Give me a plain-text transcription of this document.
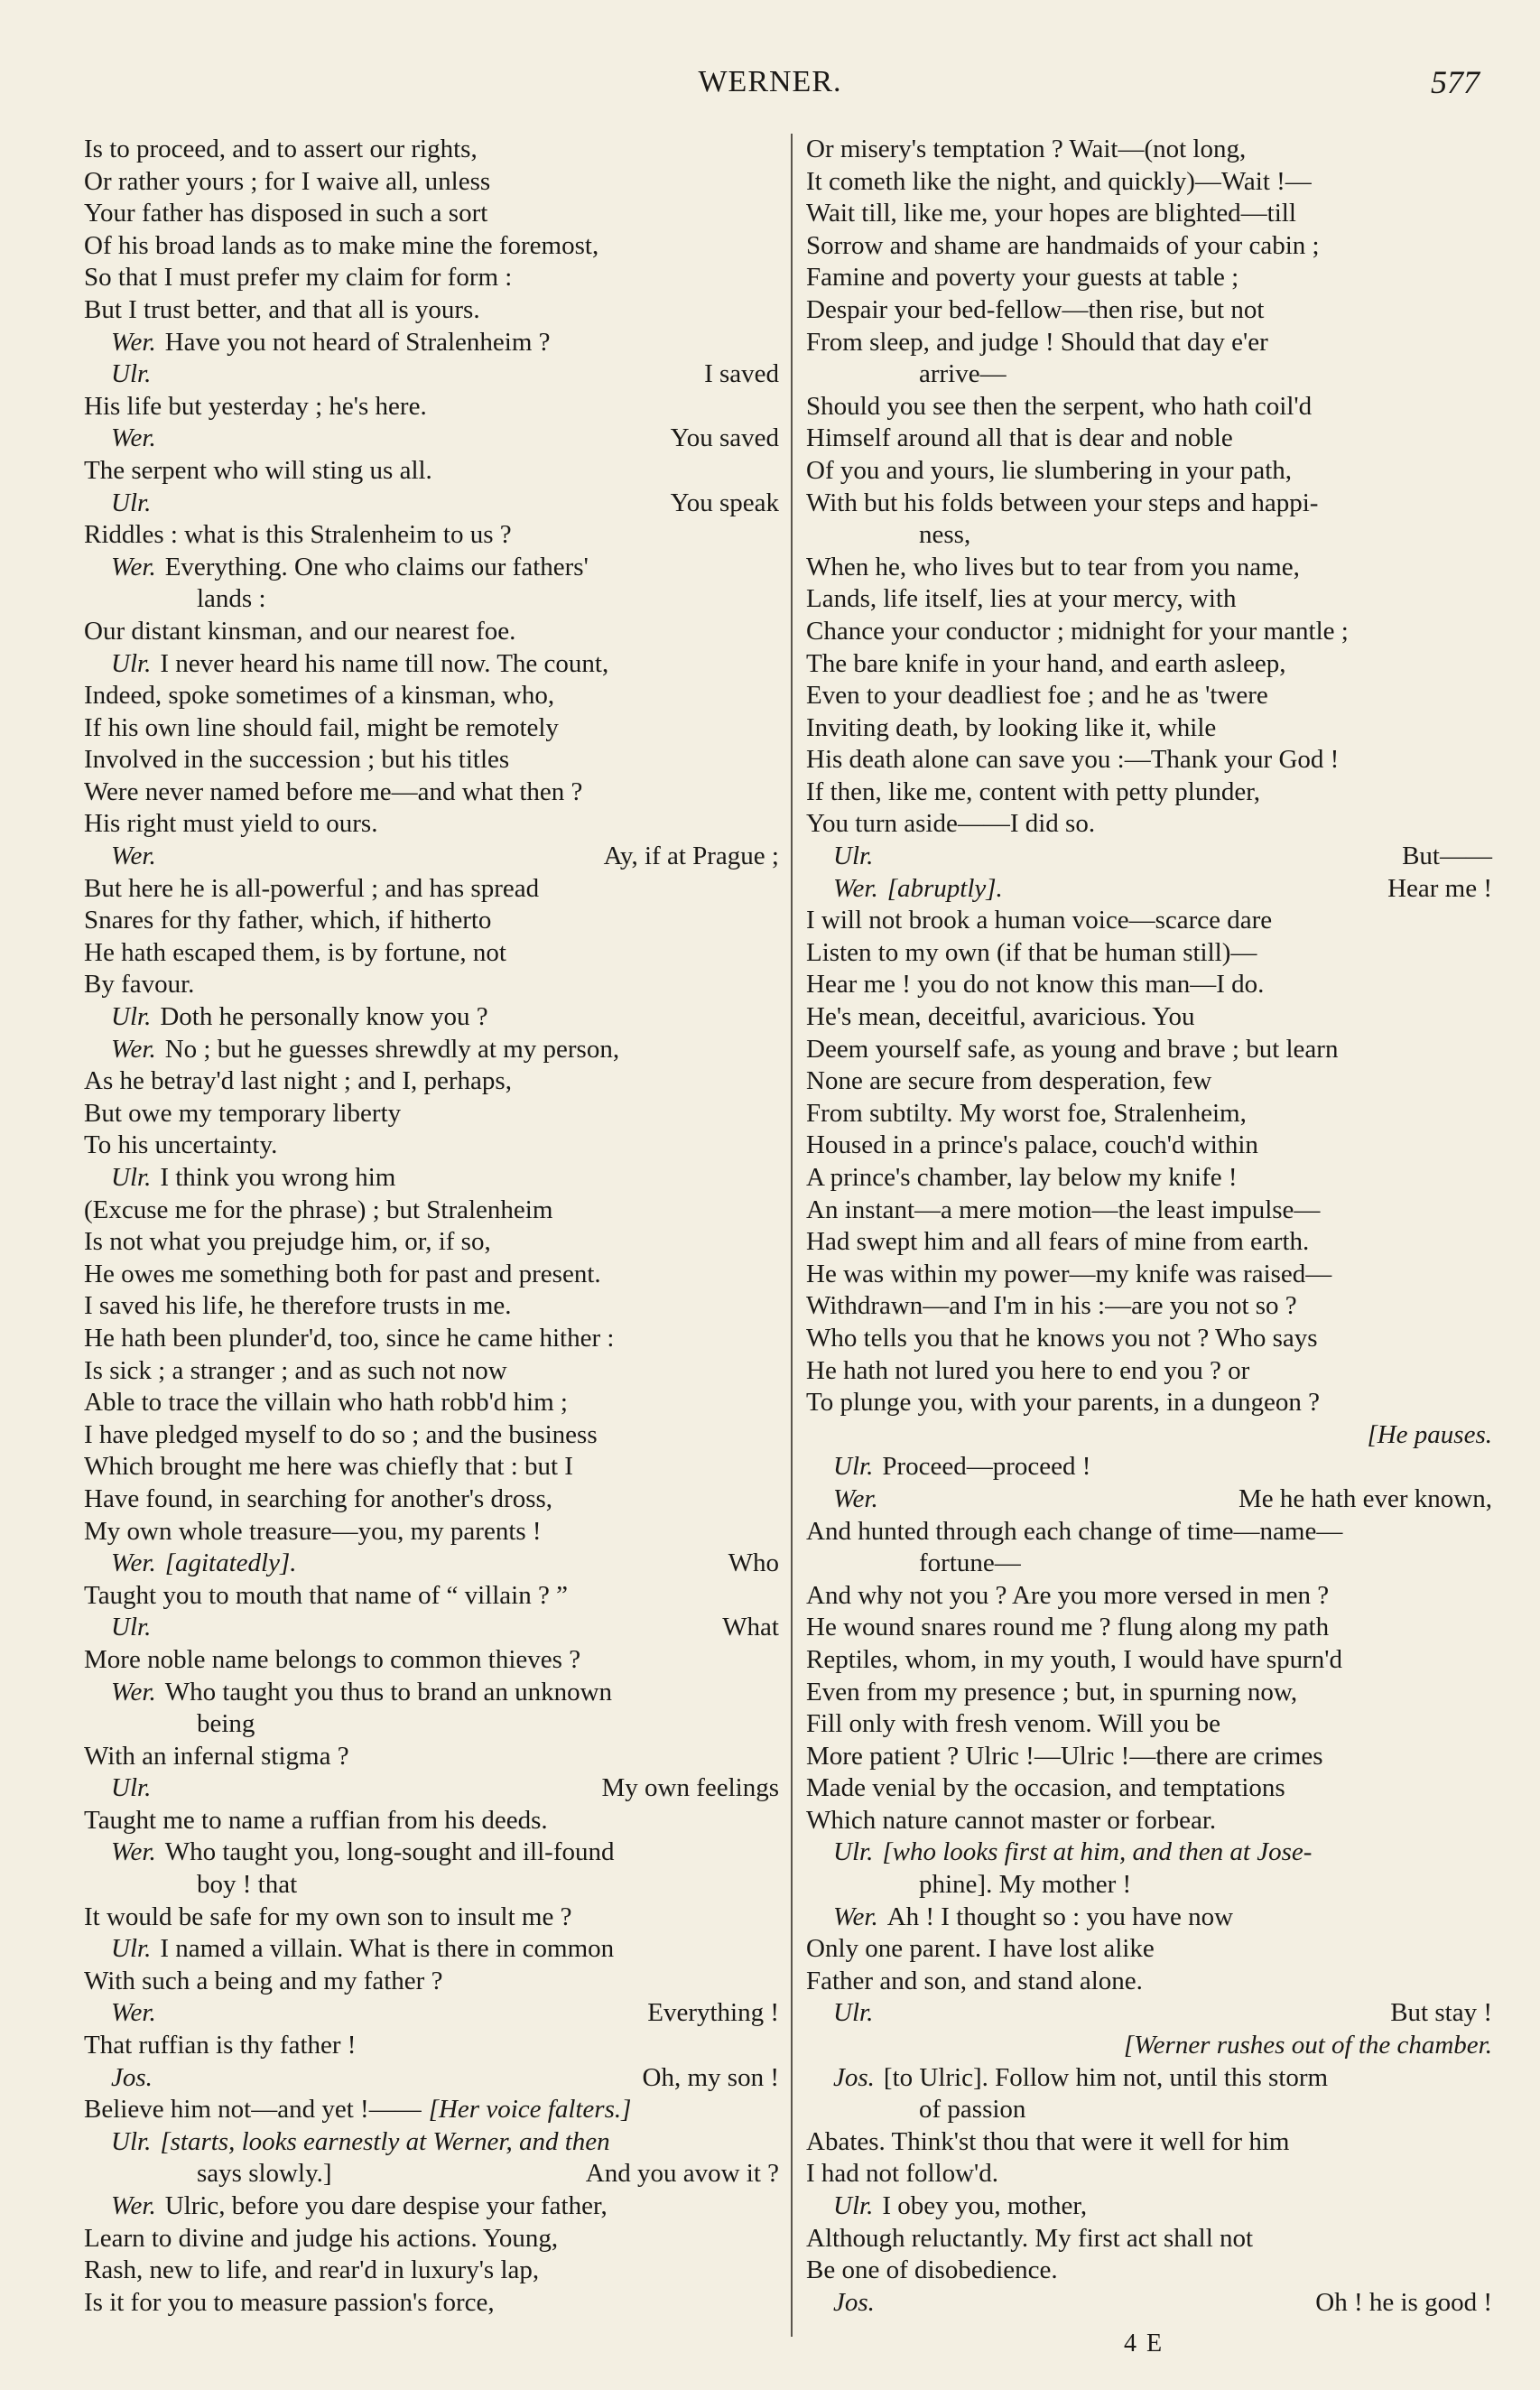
WERNER.	577
Is to proceed, and to assert our rights,
Or rather yours ; for I waive all, unless
Your father has disposed in such a sort
Of his broad lands as to make mine the foremost,
So that I must prefer my claim for form :
But I trust better, and that all is yours.
Wer. Have you not heard of Stralenheim ?
Ulr.	I saved
His life but yesterday ; he's here.
Wer.	You saved
The serpent who will sting us all.
Ulr.	You speak
Riddles : what is this Stralenheim to us ?
Wer. Everything. One who claims our fathers'
lands :
Our distant kinsman, and our nearest foe.
Ulr. I never heard his name till now. The count,
Indeed, spoke sometimes of a kinsman, who,
If his own line should fail, might be remotely
Involved in the succession ; but his titles
Were never named before me—and what then ?
His right must yield to ours.
Wer.	Ay, if at Prague ;
But here he is all-powerful ; and has spread
Snares for thy father, which, if hitherto
He hath escaped them, is by fortune, not
By favour.
Ulr. Doth he personally know you ?
Wer. No ; but he guesses shrewdly at my person,
As he betray'd last night ; and I, perhaps,
But owe my temporary liberty
To his uncertainty.
Ulr. I think you wrong him
(Excuse me for the phrase) ; but Stralenheim
Is not what you prejudge him, or, if so,
He owes me something both for past and present.
I saved his life, he therefore trusts in me.
He hath been plunder'd, too, since he came hither :
Is sick ; a stranger ; and as such not now
Able to trace the villain who hath robb'd him ;
I have pledged myself to do so ; and the business
Which brought me here was chiefly that : but I
Have found, in searching for another's dross,
My own whole treasure—you, my parents !
Wer. [agitatedly].	Who
Taught you to mouth that name of “ villain ? ”
Ulr.	What
More noble name belongs to common thieves ?
Wer. Who taught you thus to brand an unknown
being
With an infernal stigma ?
Ulr.	My own feelings
Taught me to name a ruffian from his deeds.
Wer. Who taught you, long-sought and ill-found
boy ! that
It would be safe for my own son to insult me ?
Ulr. I named a villain. What is there in common
With such a being and my father ?
Wer.	Everything !
That ruffian is thy father !
Jos.	Oh, my son !
Believe him not—and yet !—— [Her voice falters.]
Ulr. [starts, looks earnestly at Werner, and then
says slowly.]	And you avow it ?
Wer. Ulric, before you dare despise your father,
Learn to divine and judge his actions. Young,
Rash, new to life, and rear'd in luxury's lap,
Is it for you to measure passion's force,
Or misery's temptation ? Wait—(not long,
It cometh like the night, and quickly)—Wait !—
Wait till, like me, your hopes are blighted—till
Sorrow and shame are handmaids of your cabin ;
Famine and poverty your guests at table ;
Despair your bed-fellow—then rise, but not
From sleep, and judge ! Should that day e'er
arrive—
Should you see then the serpent, who hath coil'd
Himself around all that is dear and noble
Of you and yours, lie slumbering in your path,
With but his folds between your steps and happi-
ness,
When he, who lives but to tear from you name,
Lands, life itself, lies at your mercy, with
Chance your conductor ; midnight for your mantle ;
The bare knife in your hand, and earth asleep,
Even to your deadliest foe ; and he as 'twere
Inviting death, by looking like it, while
His death alone can save you :—Thank your God !
If then, like me, content with petty plunder,
You turn aside——I did so.
Ulr.	But——
Wer. [abruptly].	Hear me !
I will not brook a human voice—scarce dare
Listen to my own (if that be human still)—
Hear me ! you do not know this man—I do.
He's mean, deceitful, avaricious. You
Deem yourself safe, as young and brave ; but learn
None are secure from desperation, few
From subtilty. My worst foe, Stralenheim,
Housed in a prince's palace, couch'd within
A prince's chamber, lay below my knife !
An instant—a mere motion—the least impulse—
Had swept him and all fears of mine from earth.
He was within my power—my knife was raised—
Withdrawn—and I'm in his :—are you not so ?
Who tells you that he knows you not ? Who says
He hath not lured you here to end you ? or
To plunge you, with your parents, in a dungeon ?
[He pauses.
Ulr. Proceed—proceed !
Wer.	Me he hath ever known,
And hunted through each change of time—name—
fortune—
And why not you ? Are you more versed in men ?
He wound snares round me ? flung along my path
Reptiles, whom, in my youth, I would have spurn'd
Even from my presence ; but, in spurning now,
Fill only with fresh venom. Will you be
More patient ? Ulric !—Ulric !—there are crimes
Made venial by the occasion, and temptations
Which nature cannot master or forbear.
Ulr. [who looks first at him, and then at Jose-
phine]. My mother !
Wer. Ah ! I thought so : you have now
Only one parent. I have lost alike
Father and son, and stand alone.
Ulr.	But stay !
[Werner rushes out of the chamber.
Jos. [to Ulric]. Follow him not, until this storm
of passion
Abates. Think'st thou that were it well for him
I had not follow'd.
Ulr. I obey you, mother,
Although reluctantly. My first act shall not
Be one of disobedience.
Jos.	Oh ! he is good !
4 E
